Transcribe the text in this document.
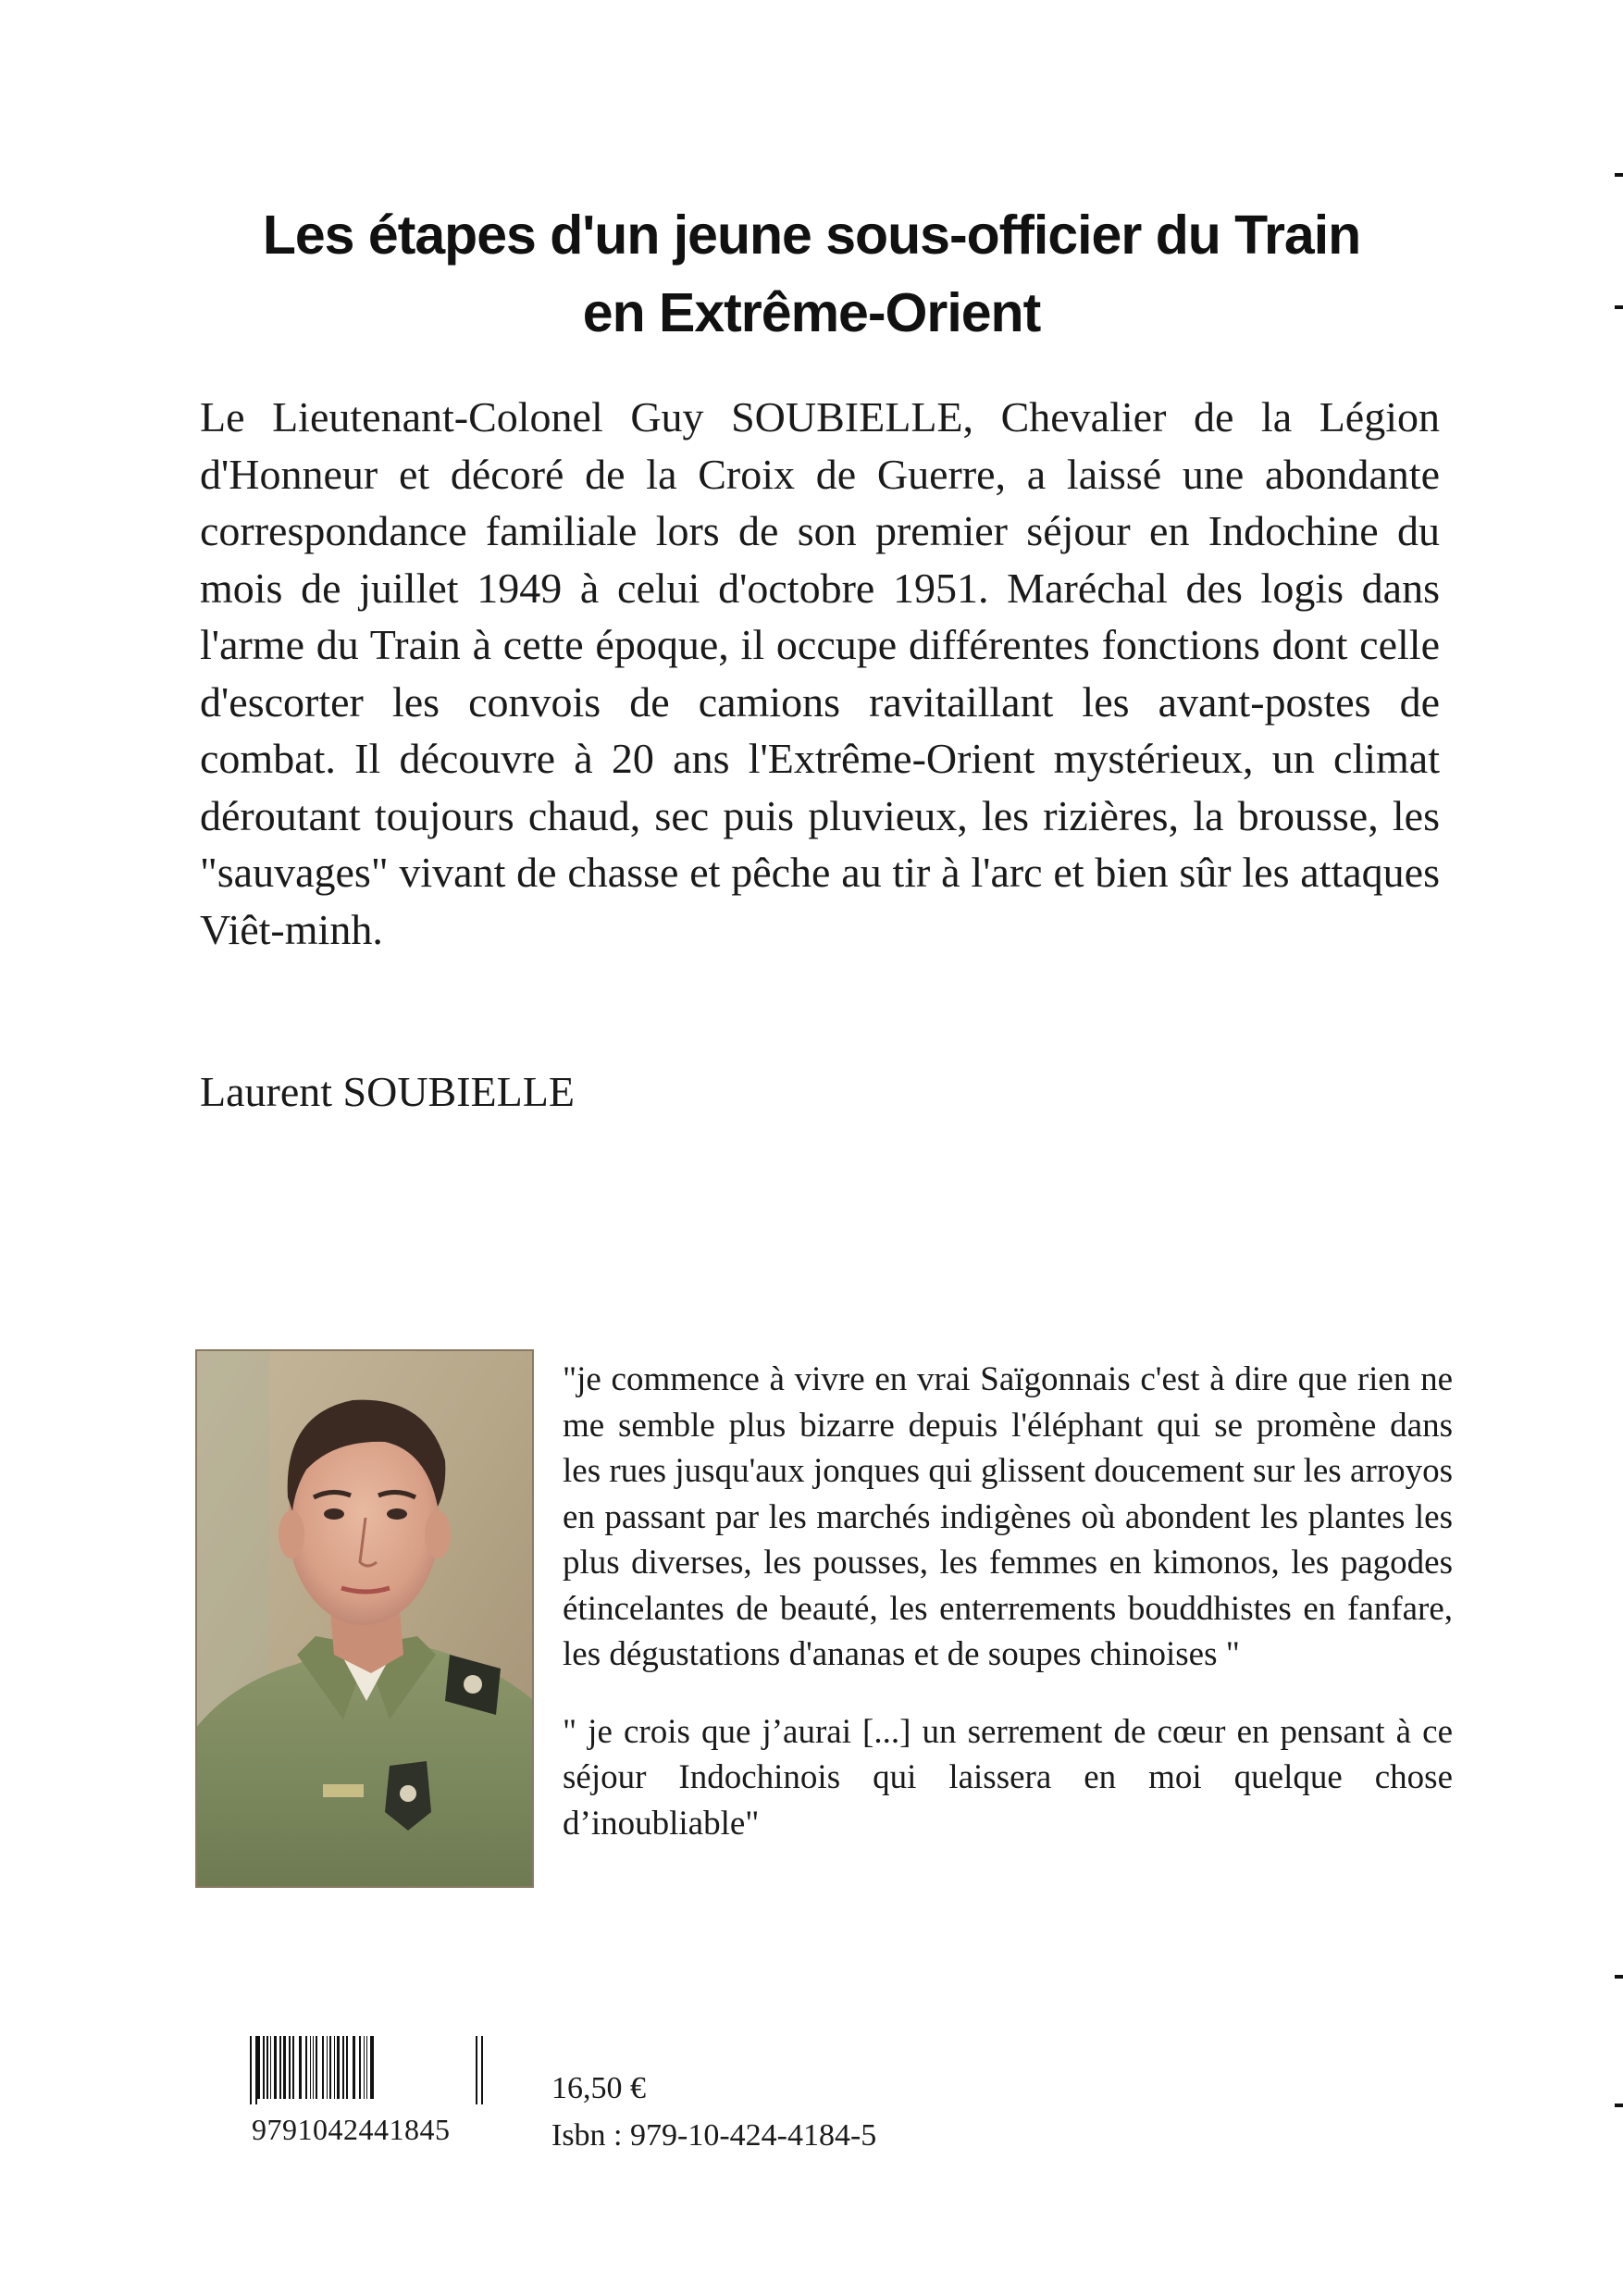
Les étapes d'un jeune sous-officier du Train
en Extrême-Orient

Le Lieutenant-Colonel Guy SOUBIELLE, Chevalier de la Légion d'Honneur et décoré de la Croix de Guerre, a laissé une abondante correspondance familiale lors de son premier séjour en Indochine du mois de juillet 1949 à celui d'octobre 1951. Maréchal des logis dans l'arme du Train à cette époque, il occupe différentes fonctions dont celle d'escorter les convois de camions ravitaillant les avant-postes de combat. Il découvre à 20 ans l'Extrême-Orient mystérieux, un climat déroutant toujours chaud, sec puis pluvieux, les rizières, la brousse, les "sauvages" vivant de chasse et pêche au tir à l'arc et bien sûr les attaques Viêt-minh.

Laurent SOUBIELLE

"je commence à vivre en vrai Saïgonnais c'est à dire que rien ne me semble plus bizarre depuis l'éléphant qui se promène dans les rues jusqu'aux jonques qui glissent doucement sur les arroyos en passant par les marchés indigènes où abondent les plantes les plus diverses, les pousses, les femmes en kimonos, les pagodes étincelantes de beauté, les enterrements bouddhistes en fanfare, les dégustations d'ananas et de soupes chinoises "

" je crois que j’aurai [...] un serrement de cœur en pensant à ce séjour Indochinois qui laissera en moi quelque chose d’inoubliable"

9791042441845
16,50 €
Isbn : 979-10-424-4184-5
